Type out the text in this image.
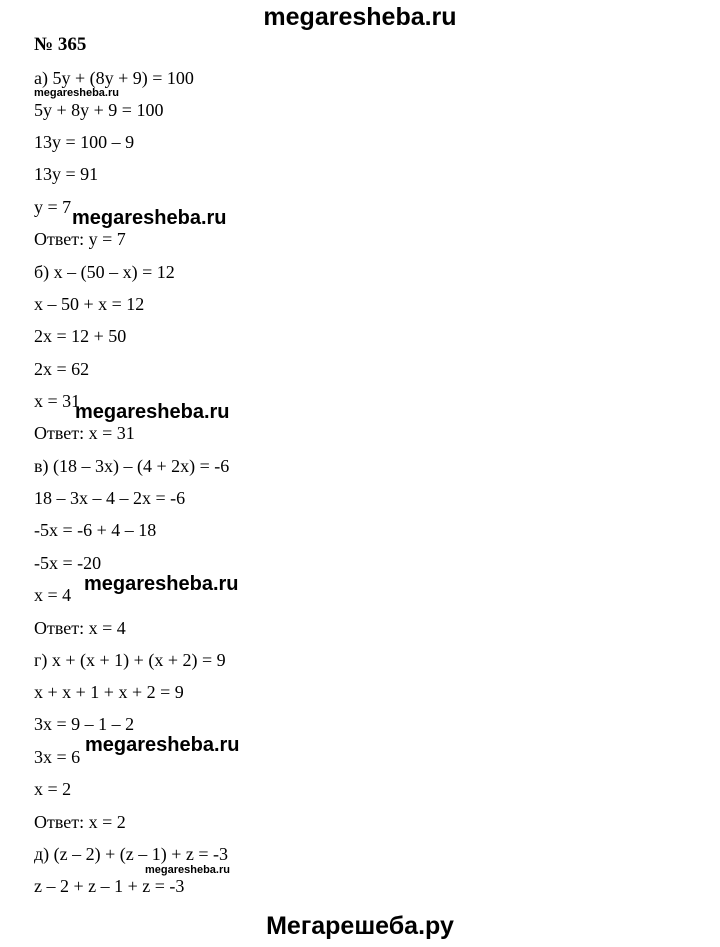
megaresheba.ru
№ 365
а) 5y + (8y + 9) = 100
5y + 8y + 9 = 100
13y = 100 – 9
13y = 91
y = 7
Ответ: y = 7
б) x – (50 – x) = 12
x – 50 + x = 12
2x = 12 + 50
2x = 62
x = 31
Ответ: x = 31
в) (18 – 3x) – (4 + 2x) = -6
18 – 3x – 4 – 2x = -6
-5x = -6 + 4 – 18
-5x = -20
x = 4
Ответ: x = 4
г) x + (x + 1) + (x + 2) = 9
x + x + 1 + x + 2 = 9
3x = 9 – 1 – 2
3x = 6
x = 2
Ответ: x = 2
д) (z – 2) + (z – 1) + z = -3
z – 2 + z – 1 + z = -3
megaresheba.ru
megaresheba.ru
megaresheba.ru
megaresheba.ru
megaresheba.ru
megaresheba.ru
Мегарешеба.ру
